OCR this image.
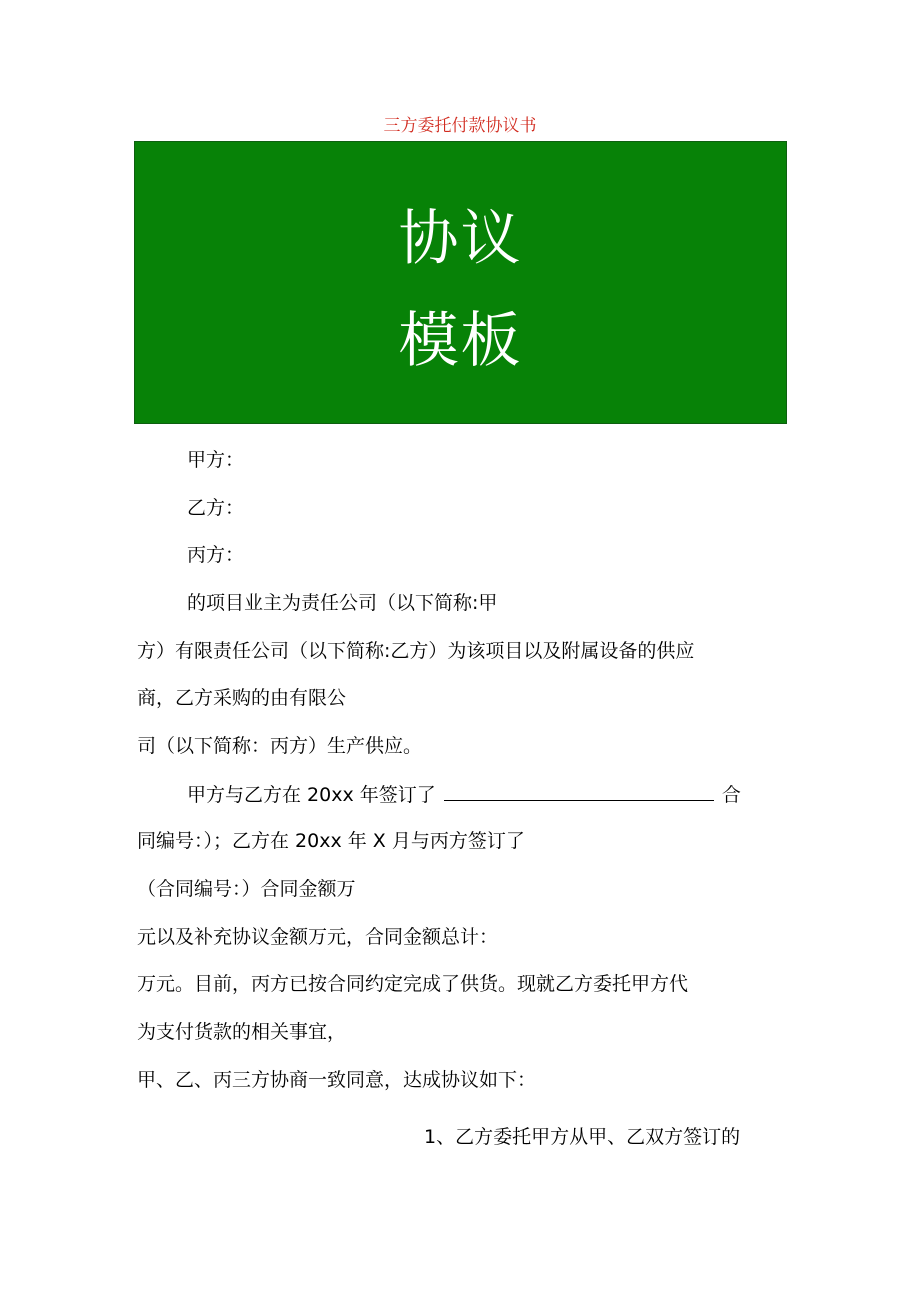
三方委托付款协议书
协议
模板
甲方：
乙方：
丙方：
的项目业主为责任公司（以下简称:甲
方）有限责任公司（以下简称:乙方）为该项目以及附属设备的供应
商，乙方采购的由有限公
司（以下简称：丙方）生产供应。
甲方与乙方在 20xx 年签订了	合
同编号：）；乙方在 20xx 年 X 月与丙方签订了
（合同编号：）合同金额万
元以及补充协议金额万元，合同金额总计：
万元。目前，丙方已按合同约定完成了供货。现就乙方委托甲方代
为支付货款的相关事宜，
甲、乙、丙三方协商一致同意，达成协议如下：
1、乙方委托甲方从甲、乙双方签订的
